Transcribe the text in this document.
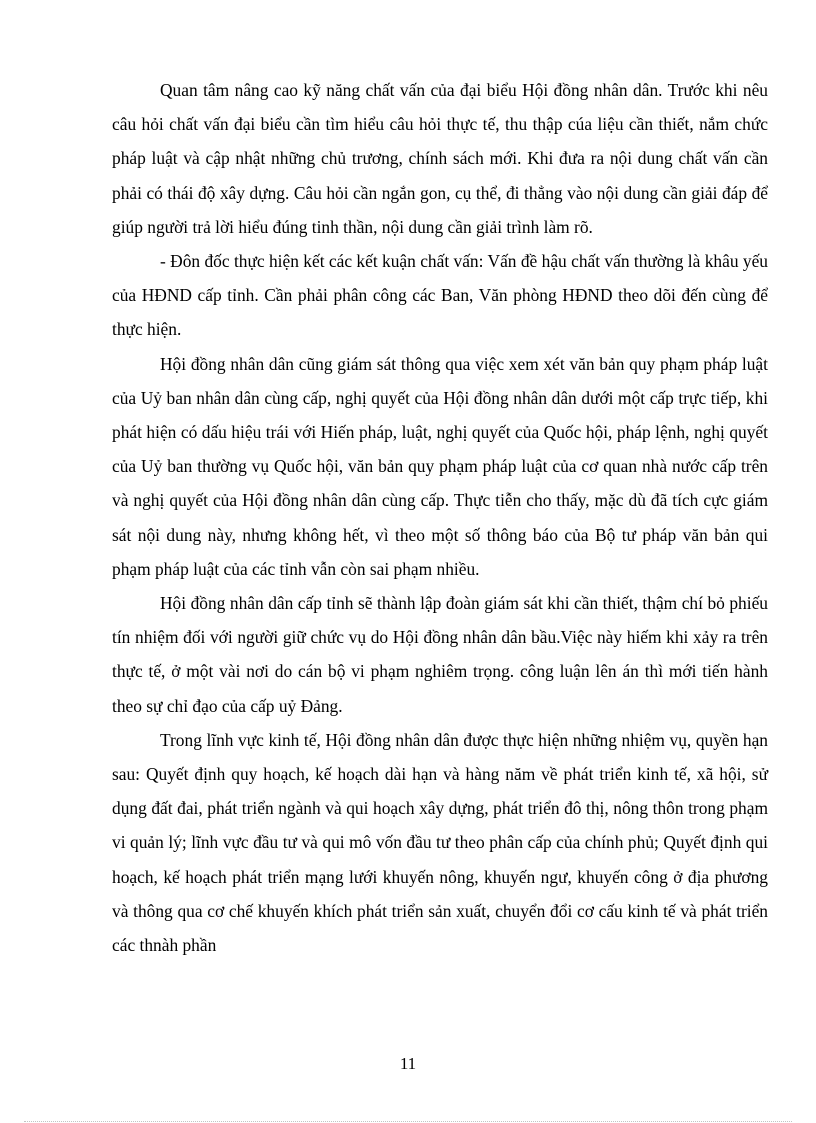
Quan tâm nâng cao kỹ năng chất vấn của đại biểu Hội đồng nhân dân. Trước khi nêu câu hỏi chất vấn đại biểu cần tìm hiểu câu hỏi thực tế, thu thập cúa liệu cần thiết, nắm chức pháp luật và cập nhật những chủ trương, chính sách mới. Khi đưa ra nội dung chất vấn cần phải có thái độ xây dựng. Câu hỏi cần ngắn gon, cụ thể, đi thẳng vào nội dung cần giải đáp để giúp người trả lời hiểu đúng tinh thần, nội dung cần giải trình làm rõ.

- Đôn đốc thực hiện kết các kết kuận chất vấn: Vấn đề hậu chất vấn thường là khâu yếu của HĐND cấp tỉnh. Cần phải phân công các Ban, Văn phòng HĐND theo dõi đến cùng để thực hiện.

Hội đồng nhân dân cũng giám sát thông qua việc xem xét văn bản quy phạm pháp luật của Uỷ ban nhân dân cùng cấp, nghị quyết của Hội đồng nhân dân dưới một cấp trực tiếp, khi phát hiện có dấu hiệu trái với Hiến pháp, luật, nghị quyết của Quốc hội, pháp lệnh, nghị quyết của Uỷ ban thường vụ Quốc hội, văn bản quy phạm pháp luật của cơ quan nhà nước cấp trên và nghị quyết của Hội đồng nhân dân cùng cấp. Thực tiễn cho thấy, mặc dù đã tích cực giám sát nội dung này, nhưng không hết, vì theo một số thông báo của Bộ tư pháp văn bản qui phạm pháp luật của các tỉnh vẫn còn sai phạm nhiều.

Hội đồng nhân dân cấp tỉnh sẽ thành lập đoàn giám sát khi cần thiết, thậm chí bỏ phiếu tín nhiệm đối với người giữ chức vụ do Hội đồng nhân dân bầu.Việc này hiếm khi xảy ra trên thực tế, ở một vài nơi do cán bộ vi phạm nghiêm trọng. công luận lên án thì mới tiến hành theo sự chỉ đạo của cấp uỷ Đảng.

Trong lĩnh vực kinh tế, Hội đồng nhân dân được thực hiện những nhiệm vụ, quyền hạn sau: Quyết định quy hoạch, kế hoạch dài hạn và hàng năm về phát triển kinh tế, xã hội, sử dụng đất đai, phát triển ngành và qui hoạch xây dựng, phát triển đô thị, nông thôn trong phạm vi quản lý; lĩnh vực đầu tư và qui mô vốn đầu tư theo phân cấp của chính phủ; Quyết định qui hoạch, kế hoạch phát triển mạng lưới khuyến nông, khuyến ngư, khuyến công ở địa phương và thông qua cơ chế khuyến khích phát triển sản xuất, chuyển đổi cơ cấu kinh tế và phát triển các thnàh phần

11
